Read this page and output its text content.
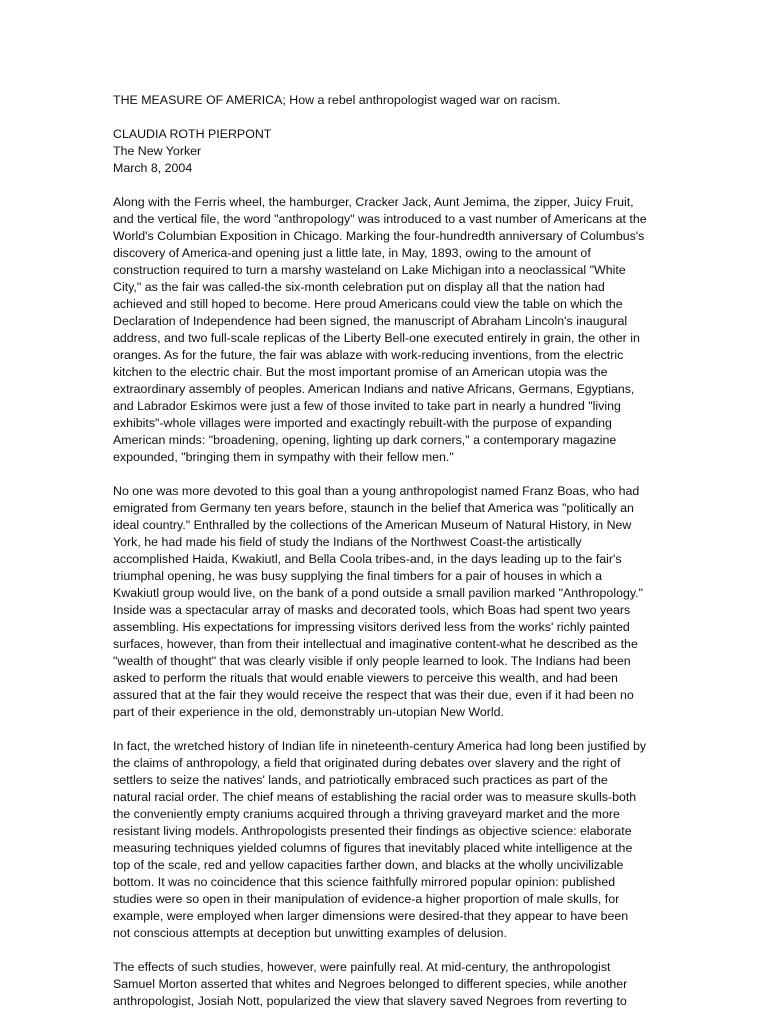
THE MEASURE OF AMERICA; How a rebel anthropologist waged war on racism.
CLAUDIA ROTH PIERPONT
The New Yorker
March 8, 2004
Along with the Ferris wheel, the hamburger, Cracker Jack, Aunt Jemima, the zipper, Juicy Fruit,
and the vertical file, the word "anthropology" was introduced to a vast number of Americans at the
World's Columbian Exposition in Chicago. Marking the four-hundredth anniversary of Columbus's
discovery of America-and opening just a little late, in May, 1893, owing to the amount of
construction required to turn a marshy wasteland on Lake Michigan into a neoclassical "White
City," as the fair was called-the six-month celebration put on display all that the nation had
achieved and still hoped to become. Here proud Americans could view the table on which the
Declaration of Independence had been signed, the manuscript of Abraham Lincoln's inaugural
address, and two full-scale replicas of the Liberty Bell-one executed entirely in grain, the other in
oranges. As for the future, the fair was ablaze with work-reducing inventions, from the electric
kitchen to the electric chair. But the most important promise of an American utopia was the
extraordinary assembly of peoples. American Indians and native Africans, Germans, Egyptians,
and Labrador Eskimos were just a few of those invited to take part in nearly a hundred "living
exhibits"-whole villages were imported and exactingly rebuilt-with the purpose of expanding
American minds: "broadening, opening, lighting up dark corners," a contemporary magazine
expounded, "bringing them in sympathy with their fellow men."
No one was more devoted to this goal than a young anthropologist named Franz Boas, who had
emigrated from Germany ten years before, staunch in the belief that America was "politically an
ideal country." Enthralled by the collections of the American Museum of Natural History, in New
York, he had made his field of study the Indians of the Northwest Coast-the artistically
accomplished Haida, Kwakiutl, and Bella Coola tribes-and, in the days leading up to the fair's
triumphal opening, he was busy supplying the final timbers for a pair of houses in which a
Kwakiutl group would live, on the bank of a pond outside a small pavilion marked "Anthropology."
Inside was a spectacular array of masks and decorated tools, which Boas had spent two years
assembling. His expectations for impressing visitors derived less from the works' richly painted
surfaces, however, than from their intellectual and imaginative content-what he described as the
"wealth of thought" that was clearly visible if only people learned to look. The Indians had been
asked to perform the rituals that would enable viewers to perceive this wealth, and had been
assured that at the fair they would receive the respect that was their due, even if it had been no
part of their experience in the old, demonstrably un-utopian New World.
In fact, the wretched history of Indian life in nineteenth-century America had long been justified by
the claims of anthropology, a field that originated during debates over slavery and the right of
settlers to seize the natives' lands, and patriotically embraced such practices as part of the
natural racial order. The chief means of establishing the racial order was to measure skulls-both
the conveniently empty craniums acquired through a thriving graveyard market and the more
resistant living models. Anthropologists presented their findings as objective science: elaborate
measuring techniques yielded columns of figures that inevitably placed white intelligence at the
top of the scale, red and yellow capacities farther down, and blacks at the wholly uncivilizable
bottom. It was no coincidence that this science faithfully mirrored popular opinion: published
studies were so open in their manipulation of evidence-a higher proportion of male skulls, for
example, were employed when larger dimensions were desired-that they appear to have been
not conscious attempts at deception but unwitting examples of delusion.
The effects of such studies, however, were painfully real. At mid-century, the anthropologist
Samuel Morton asserted that whites and Negroes belonged to different species, while another
anthropologist, Josiah Nott, popularized the view that slavery saved Negroes from reverting to
